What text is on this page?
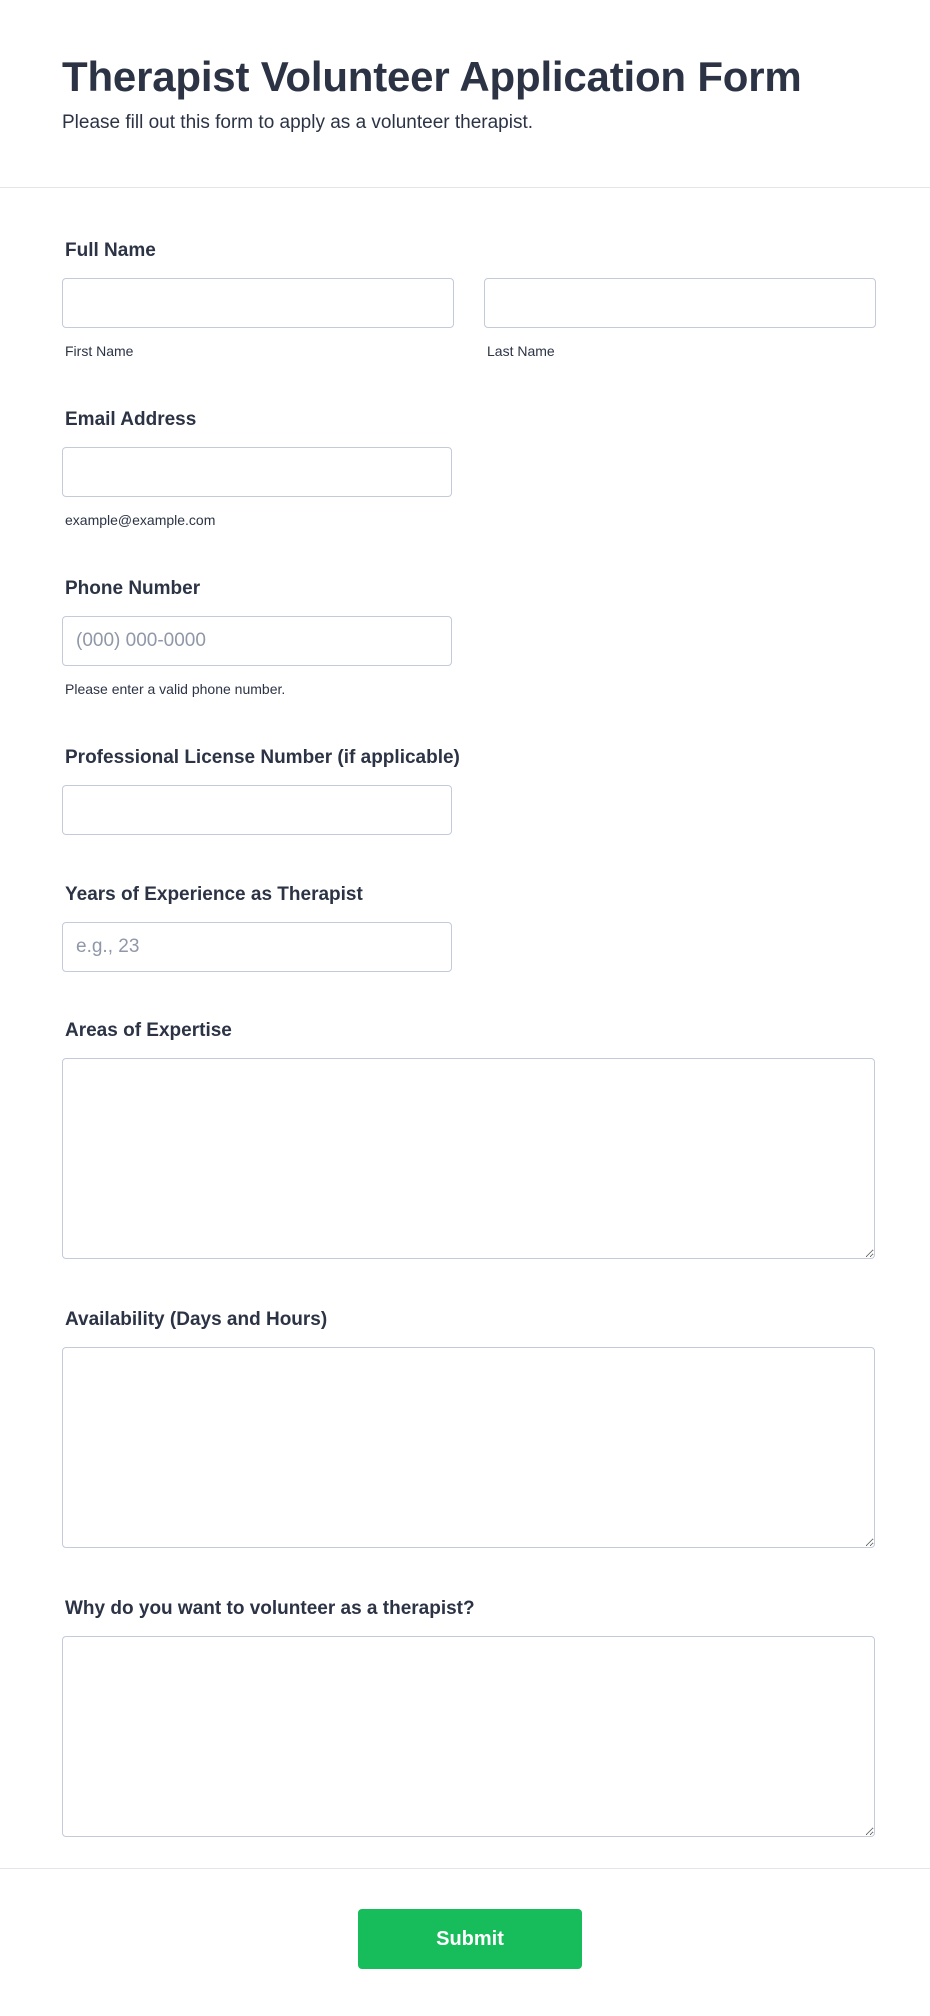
Therapist Volunteer Application Form

Please fill out this form to apply as a volunteer therapist.

Full Name
First Name	Last Name
Email Address
example@example.com
Phone Number
(000) 000-0000
Please enter a valid phone number.
Professional License Number (if applicable)
Years of Experience as Therapist
e.g., 23
Areas of Expertise
Availability (Days and Hours)
Why do you want to volunteer as a therapist?
Submit
